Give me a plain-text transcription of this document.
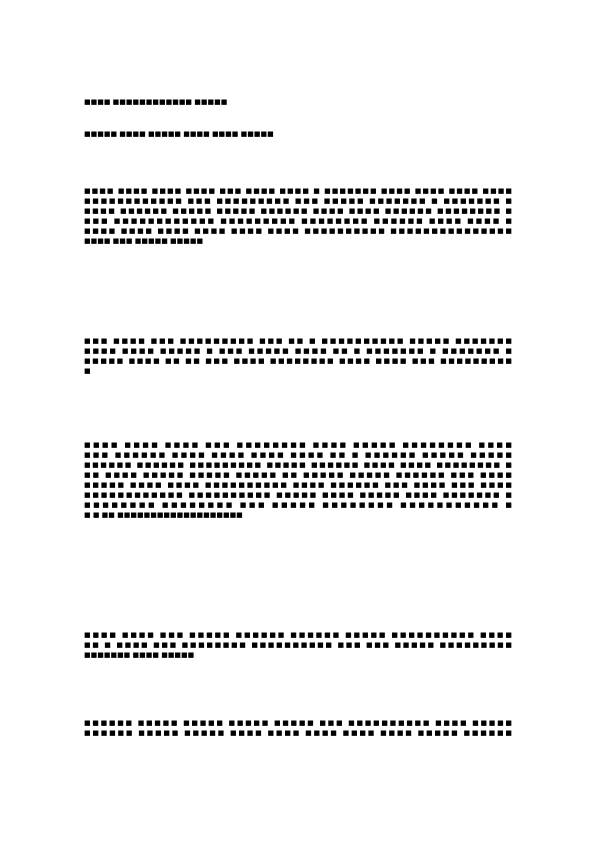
■■■■ ■■■■■■■■■■■■ ■■■■■

■■■■■ ■■■■ ■■■■■ ■■■■ ■■■■ ■■■■■

■■■■ ■■■■ ■■■■ ■■■■ ■■■ ■■■■ ■■■■ ■ ■■■■■■■ ■■■■ ■■■■ ■■■■ ■■■■
■■■■■■■■■■■■ ■■■ ■■■■■■■■■ ■■■ ■■■■■ ■■■■■■■ ■ ■■■■■■■ ■
■■■■ ■■■■■■ ■■■■■ ■■■■■ ■■■■■■ ■■■■ ■■■■ ■■■■■■ ■■■■■■■■ ■
■■■ ■■■■■■■■■■■■ ■■■■■■■■■ ■■■■■■■■ ■■■■■■ ■■■■ ■■■■ ■
■■■■ ■■■■ ■■■■ ■■■■ ■■■■ ■■■■ ■■■■■■■■■■ ■■■■■■■■■■■■■■■
■■■■ ■■■ ■■■■■ ■■■■■
■■■ ■■■■ ■■■ ■■■■■■■■■ ■■■ ■■ ■ ■■■■■■■■■■ ■■■■■ ■■■■■■■
■■■■ ■■■■ ■■■■■ ■ ■■■ ■■■■■ ■■■■ ■■ ■ ■■■■■■■ ■ ■■■■■■■ ■
■■■■■ ■■■■ ■■ ■■ ■■■ ■■■■ ■■■■■■■■ ■■■■ ■■■■ ■■■ ■■■■■■■■■
■
■■■■ ■■■■ ■■■■ ■■■ ■■■■■■■■ ■■■■ ■■■■■ ■■■■■■■■ ■■■■
■■■ ■■■■■■ ■■■■ ■■■■ ■■■■ ■■■■ ■■ ■ ■■■■■■ ■■■■■ ■■■■■
■■■■■■ ■■■■■■ ■■■■■■■■■ ■■■■■ ■■■■■■ ■■■■ ■■■■ ■■■■■■■■ ■
■■ ■■■■ ■■■■■ ■■■■■ ■■■■■ ■■ ■■■■■ ■■■■■ ■■■■■■ ■■■ ■■■■
■■■■■ ■■■■ ■■■■ ■■■■■■■■■■ ■■■■ ■■■■■■ ■■■ ■■■■ ■■■ ■■■■
■■■■■■■■■■■■ ■■■■■■■■■■ ■■■■■ ■■■■ ■■■■■ ■■■■ ■■■■■■■ ■
■■■■■■■■ ■■■■■■■■ ■■■ ■■■■■ ■■■■■■■■ ■■■■■■■■■■■ ■
■ ■ ■■ ■■■■■■■■■■■■■■■■■■■
■■■■ ■■■■ ■■■ ■■■■■ ■■■■■■ ■■■■■■ ■■■■■ ■■■■■■■■■■ ■■■■
■■ ■ ■■■■ ■■■ ■■■■■■■■ ■■■■■■■■■■ ■■■ ■■■ ■■■■■ ■■■■■■■■■
■■■■■■■ ■■■■ ■■■■■
■■■■■■ ■■■■■ ■■■■■ ■■■■■ ■■■■■ ■■■ ■■■■■■■■■■ ■■■■ ■■■■■
■■■■■■ ■■■■■ ■■■■■ ■■■■ ■■■■ ■■■■ ■■■■ ■■■■ ■■■■■ ■■■■■■
